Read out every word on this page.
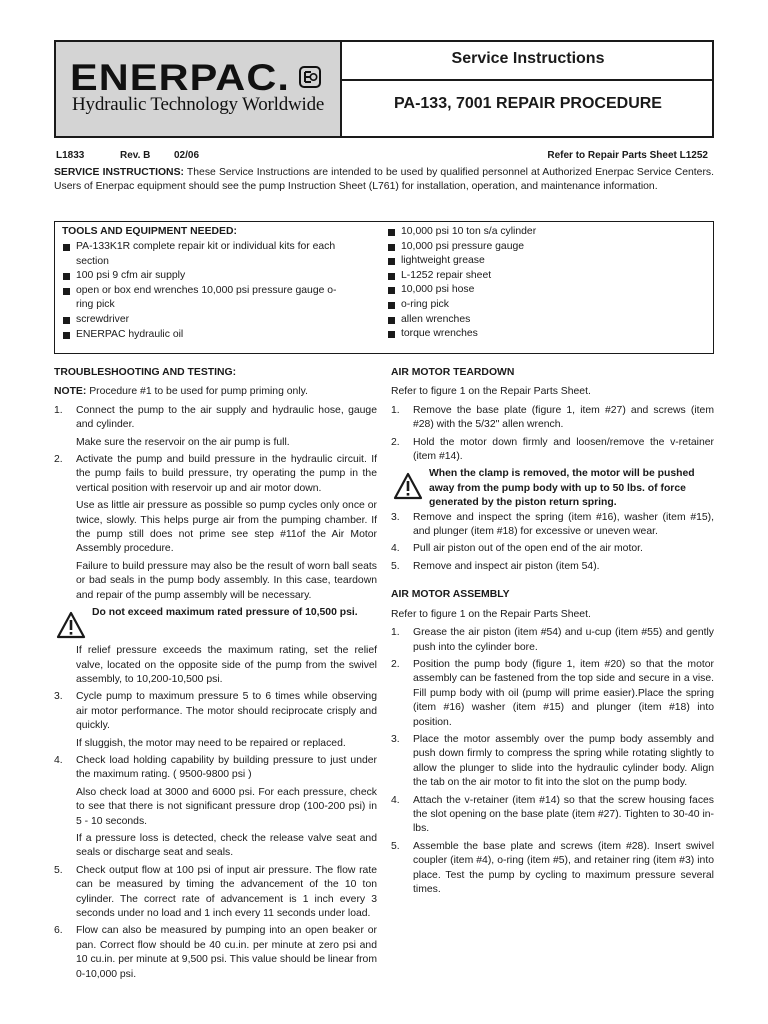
ENERPAC.
Hydraulic Technology Worldwide
Service Instructions
PA-133, 7001 REPAIR PROCEDURE
L1833	Rev. B 02/06	Refer to Repair Parts Sheet L1252
SERVICE INSTRUCTIONS: These Service Instructions are intended to be used by qualified personnel at Authorized Enerpac Service Centers. Users of Enerpac equipment should see the pump Instruction Sheet (L761) for installation, operation, and maintenance information.
TOOLS AND EQUIPMENT NEEDED:
PA-133K1R complete repair kit or individual kits for each section
100 psi 9 cfm air supply
open or box end wrenches 10,000 psi pressure gauge o-ring pick
screwdriver
ENERPAC hydraulic oil
10,000 psi 10 ton s/a cylinder
10,000 psi pressure gauge
lightweight grease
L-1252 repair sheet
10,000 psi hose
o-ring pick
allen wrenches
torque wrenches
TROUBLESHOOTING AND TESTING:
NOTE: Procedure #1 to be used for pump priming only.
1. Connect the pump to the air supply and hydraulic hose, gauge and cylinder.
Make sure the reservoir on the air pump is full.
2. Activate the pump and build pressure in the hydraulic circuit. If the pump fails to build pressure, try operating the pump in the vertical position with reservoir up and air motor down.
Use as little air pressure as possible so pump cycles only once or twice, slowly. This helps purge air from the pumping chamber. If the pump still does not prime see step #11of the Air Motor Assembly procedure.
Failure to build pressure may also be the result of worn ball seats or bad seals in the pump body assembly. In this case, teardown and repair of the pump assembly will be necessary.
Do not exceed maximum rated pressure of 10,500 psi.
If relief pressure exceeds the maximum rating, set the relief valve, located on the opposite side of the pump from the swivel assembly, to 10,200-10,500 psi.
3. Cycle pump to maximum pressure 5 to 6 times while observing air motor performance. The motor should reciprocate crisply and quickly.
If sluggish, the motor may need to be repaired or replaced.
4. Check load holding capability by building pressure to just under the maximum rating. ( 9500-9800 psi )
Also check load at 3000 and 6000 psi. For each pressure, check to see that there is not significant pressure drop (100-200 psi) in 5 - 10 seconds.
If a pressure loss is detected, check the release valve seat and seals or discharge seat and seals.
5. Check output flow at 100 psi of input air pressure. The flow rate can be measured by timing the advancement of the 10 ton cylinder. The correct rate of advancement is 1 inch every 3 seconds under no load and 1 inch every 11 seconds under load.
6. Flow can also be measured by pumping into an open beaker or pan. Correct flow should be 40 cu.in. per minute at zero psi and 10 cu.in. per minute at 9,500 psi. This value should be linear from 0-10,000 psi.
AIR MOTOR TEARDOWN
Refer to figure 1 on the Repair Parts Sheet.
1. Remove the base plate (figure 1, item #27) and screws (item #28) with the 5/32" allen wrench.
2. Hold the motor down firmly and loosen/remove the v-retainer (item #14).
When the clamp is removed, the motor will be pushed away from the pump body with up to 50 lbs. of force generated by the piston return spring.
3. Remove and inspect the spring (item #16), washer (item #15), and plunger (item #18) for excessive or uneven wear.
4. Pull air piston out of the open end of the air motor.
5. Remove and inspect air piston (item 54).
AIR MOTOR ASSEMBLY
Refer to figure 1 on the Repair Parts Sheet.
1. Grease the air piston (item #54) and u-cup (item #55) and gently push into the cylinder bore.
2. Position the pump body (figure 1, item #20) so that the motor assembly can be fastened from the top side and secure in a vise. Fill pump body with oil (pump will prime easier).Place the spring (item #16) washer (item #15) and plunger (item #18) into position.
3. Place the motor assembly over the pump body assembly and push down firmly to compress the spring while rotating slightly to allow the plunger to slide into the hydraulic cylinder body. Align the tab on the air motor to fit into the slot on the pump body.
4. Attach the v-retainer (item #14) so that the screw housing faces the slot opening on the base plate (item #27). Tighten to 30-40 in-lbs.
5. Assemble the base plate and screws (item #28). Insert swivel coupler (item #4), o-ring (item #5), and retainer ring (item #3) into place. Test the pump by cycling to maximum pressure several times.
